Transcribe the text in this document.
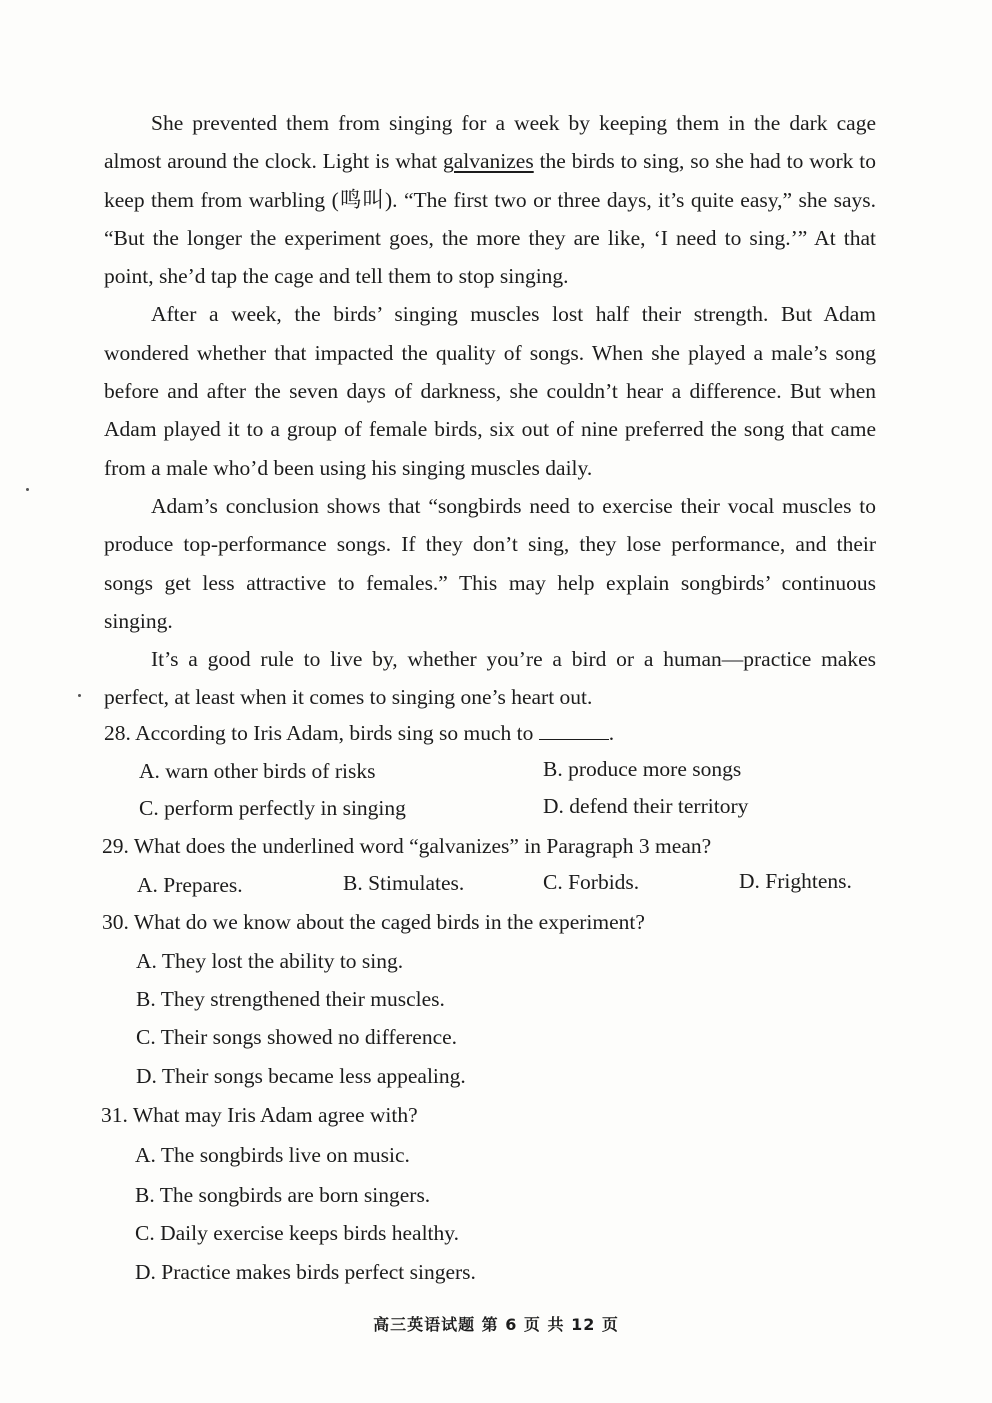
She prevented them from singing for a week by keeping them in the dark cage almost around the clock. Light is what galvanizes the birds to sing, so she had to work to keep them from warbling (鸣叫). “The first two or three days, it’s quite easy,” she says. “But the longer the experiment goes, the more they are like, ‘I need to sing.’” At that point, she’d tap the cage and tell them to stop singing.

After a week, the birds’ singing muscles lost half their strength. But Adam wondered whether that impacted the quality of songs. When she played a male’s song before and after the seven days of darkness, she couldn’t hear a difference. But when Adam played it to a group of female birds, six out of nine preferred the song that came from a male who’d been using his singing muscles daily.

Adam’s conclusion shows that “songbirds need to exercise their vocal muscles to produce top-performance songs. If they don’t sing, they lose performance, and their songs get less attractive to females.” This may help explain songbirds’ continuous singing.

It’s a good rule to live by, whether you’re a bird or a human—practice makes perfect, at least when it comes to singing one’s heart out.

28. According to Iris Adam, birds sing so much to	.
A. warn other birds of risks	B. produce more songs
C. perform perfectly in singing	D. defend their territory
29. What does the underlined word “galvanizes” in Paragraph 3 mean?
A. Prepares.	B. Stimulates.	C. Forbids.	D. Frightens.
30. What do we know about the caged birds in the experiment?
A. They lost the ability to sing.
B. They strengthened their muscles.
C. Their songs showed no difference.
D. Their songs became less appealing.
31. What may Iris Adam agree with?
A. The songbirds live on music.
B. The songbirds are born singers.
C. Daily exercise keeps birds healthy.
D. Practice makes birds perfect singers.
高三英语试题 第 6 页 共 12 页
